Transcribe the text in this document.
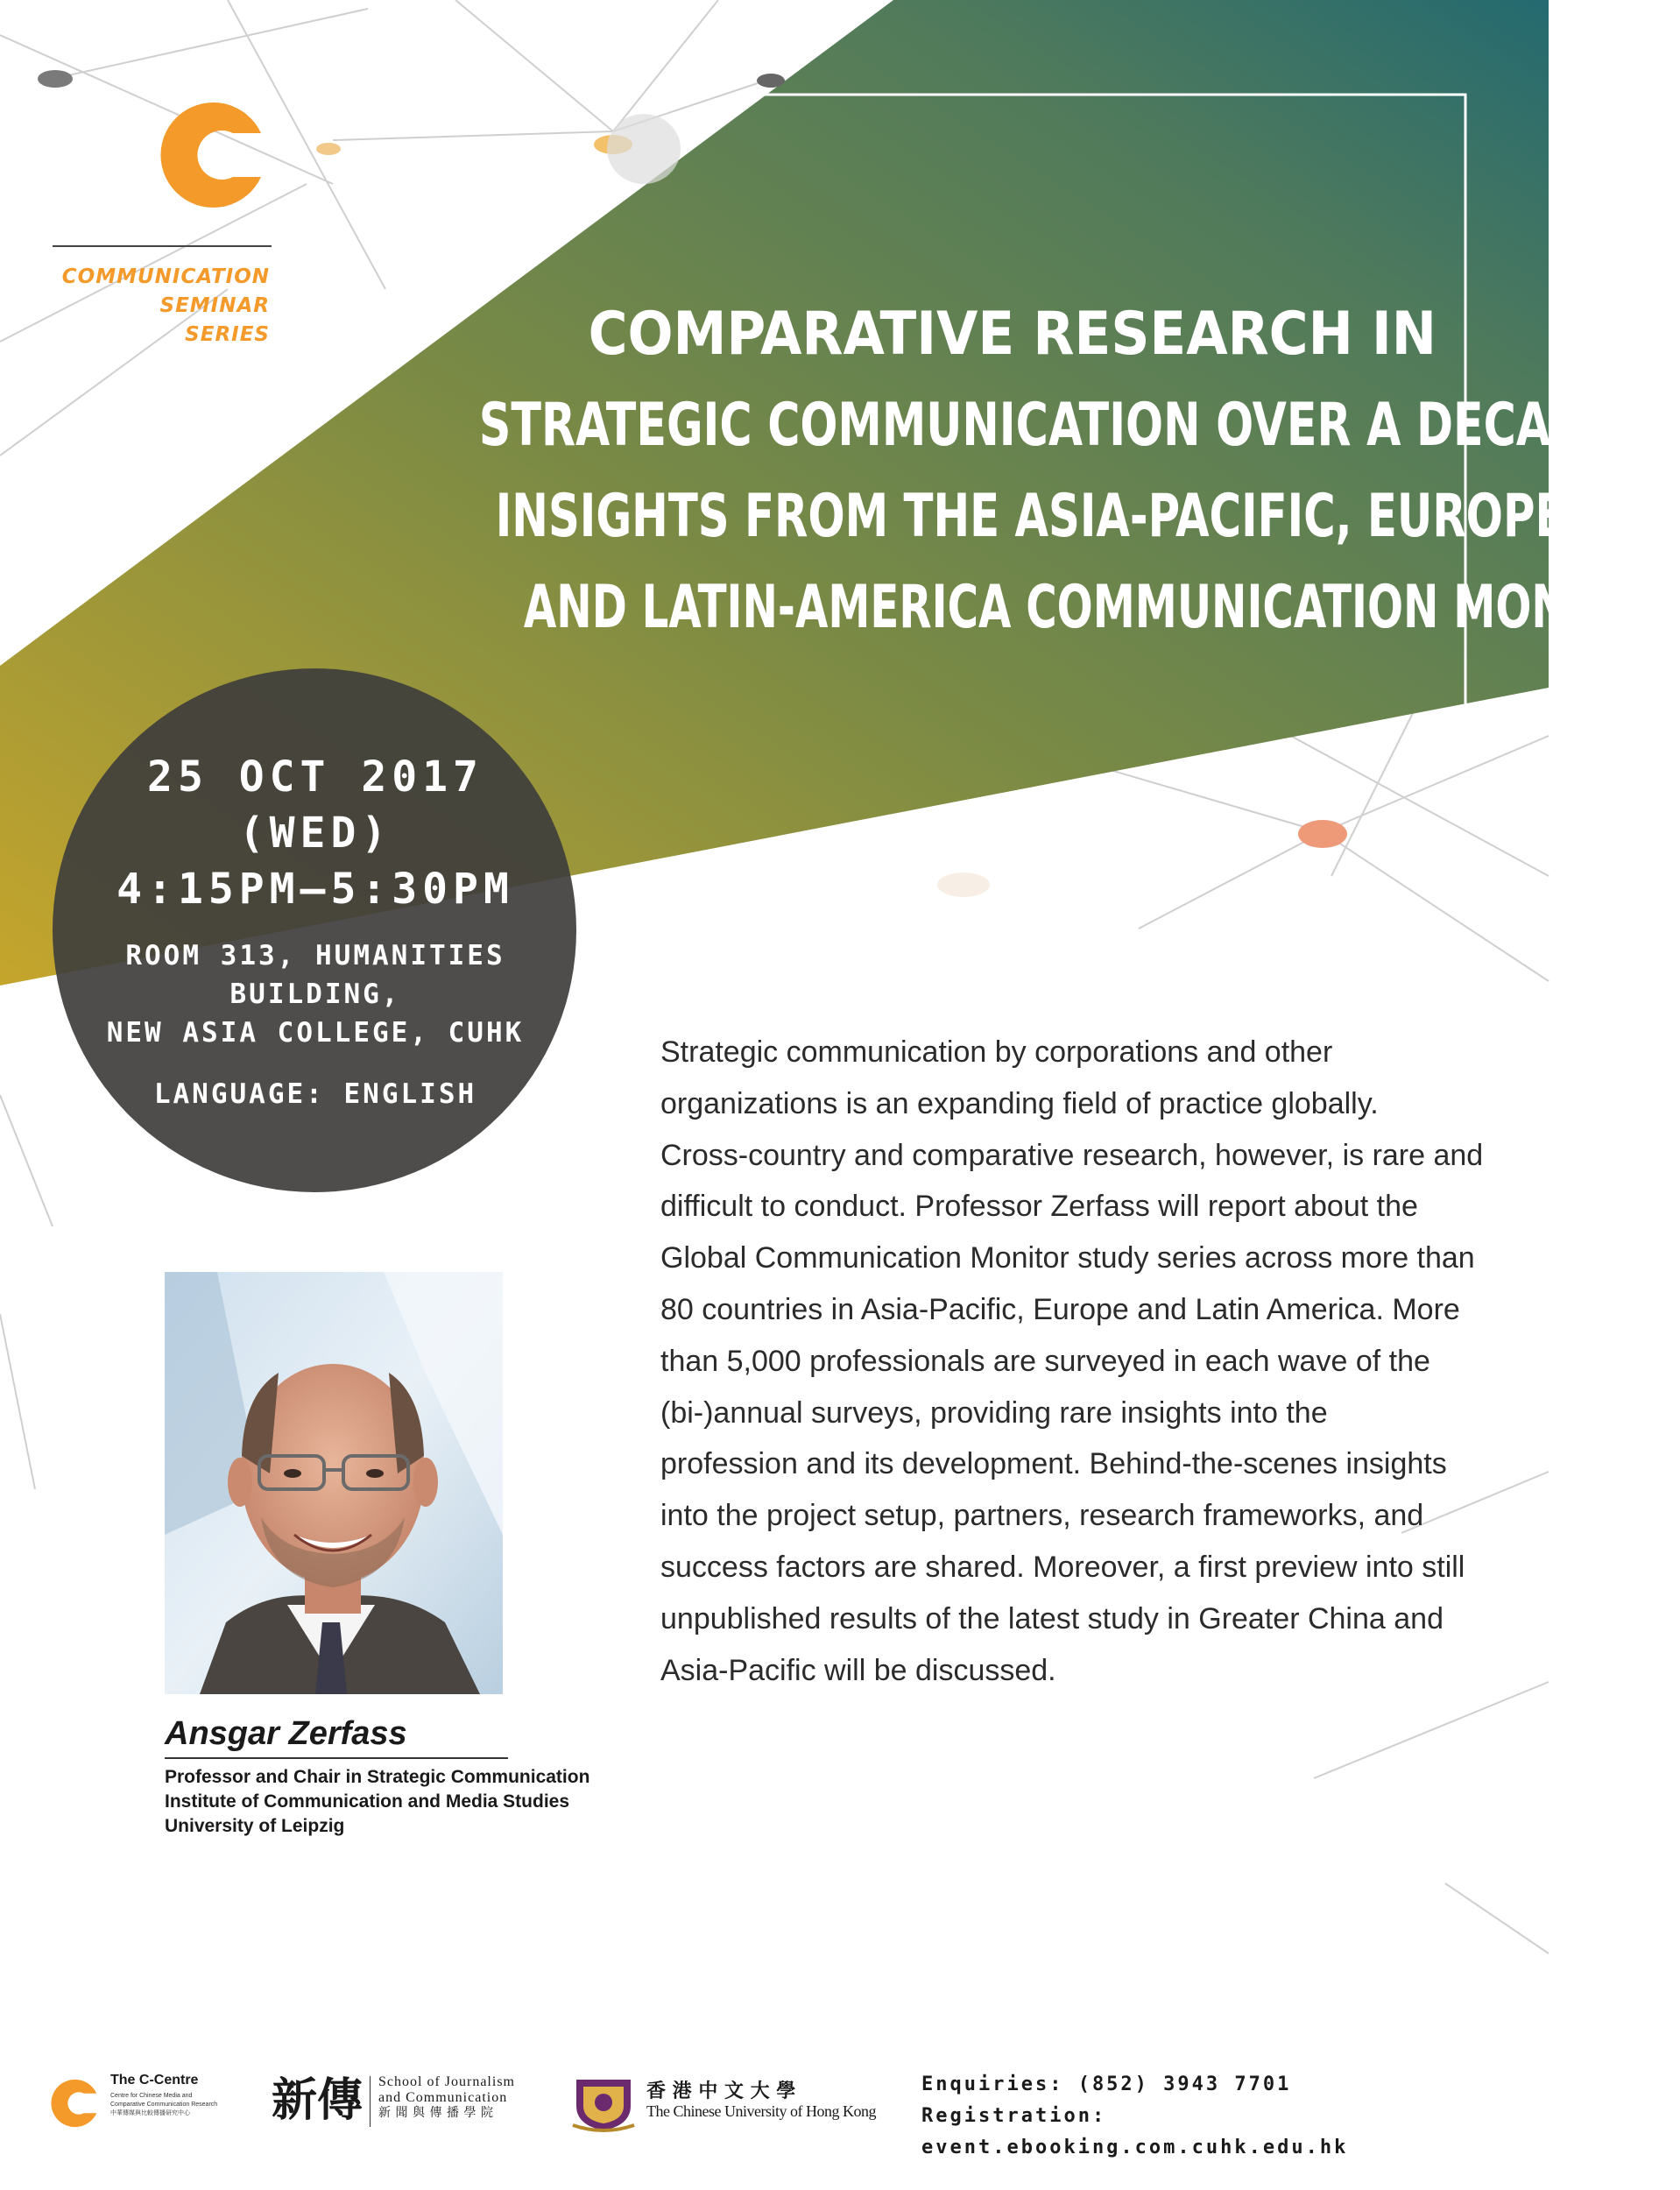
COMMUNICATION
SEMINAR
SERIES	COMPARATIVE RESEARCH IN
STRATEGIC COMMUNICATION OVER A DECADE:
INSIGHTS FROM THE ASIA-PACIFIC, EUROPEAN,
AND LATIN-AMERICA COMMUNICATION MONITOR
25 OCT 2017
(WED)
4:15PM–5:30PM
ROOM 313, HUMANITIES BUILDING,
NEW ASIA COLLEGE, CUHK
LANGUAGE: ENGLISH
Strategic communication by corporations and other
organizations is an expanding field of practice globally.
Cross-country and comparative research, however, is rare and
difficult to conduct. Professor Zerfass will report about the
Global Communication Monitor study series across more than
80 countries in Asia-Pacific, Europe and Latin America. More
than 5,000 professionals are surveyed in each wave of the
(bi-)annual surveys, providing rare insights into the
profession and its development. Behind-the-scenes insights
into the project setup, partners, research frameworks, and
success factors are shared. Moreover, a first preview into still
unpublished results of the latest study in Greater China and
Asia-Pacific will be discussed.
Ansgar Zerfass
Professor and Chair in Strategic Communication
Institute of Communication and Media Studies
University of Leipzig
The C-Centre
Centre for Chinese Media and
Comparative Communication Research
中華傳媒與比較傳播研究中心	新傳 School of Journalism
and Communication
新 聞 與 傳 播 學 院
香 港 中 文 大 學
The Chinese University of Hong Kong
Enquiries: (852) 3943 7701
Registration: event.ebooking.com.cuhk.edu.hk
